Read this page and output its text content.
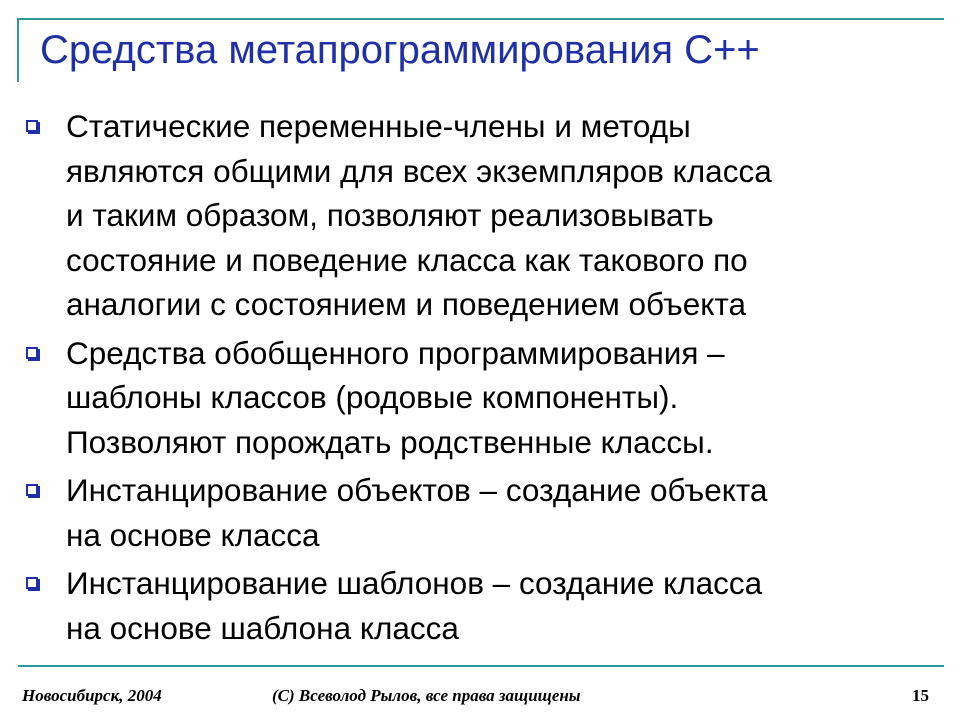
Средства метапрограммирования C++
Статические переменные-члены и методы
являются общими для всех экземпляров класса
и таким образом, позволяют реализовывать
состояние и поведение класса как такового по
аналогии с состоянием и поведением объекта
Средства обобщенного программирования –
шаблоны классов (родовые компоненты).
Позволяют порождать родственные классы.
Инстанцирование объектов – создание объекта
на основе класса
Инстанцирование шаблонов – создание класса
на основе шаблона класса
Новосибирск, 2004	(C) Всеволод Рылов, все права защищены	15
